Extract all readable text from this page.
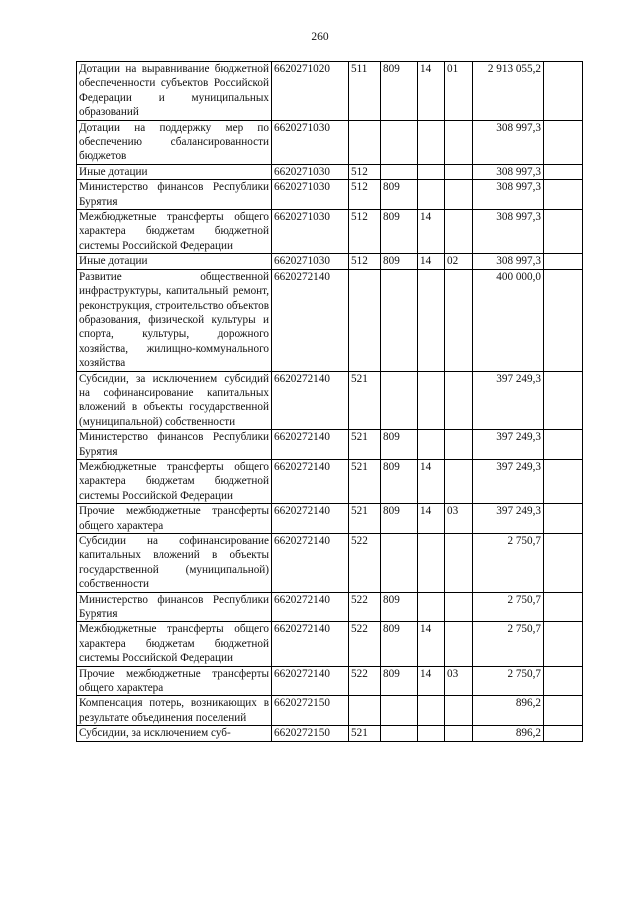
260
Дотации на выравнивание бюджетной обеспеченности субъектов Российской Федерации и муниципальных образований	6620271020	511	809	14	01	2 913 055,2	
Дотации на поддержку мер по обеспечению сбалансированности бюджетов	6620271030					308 997,3	
Иные дотации	6620271030	512				308 997,3	
Министерство финансов Республики Бурятия	6620271030	512	809			308 997,3	
Межбюджетные трансферты общего характера бюджетам бюджетной системы Российской Федерации	6620271030	512	809	14		308 997,3	
Иные дотации	6620271030	512	809	14	02	308 997,3	
Развитие общественной инфраструктуры, капитальный ремонт, реконструкция, строительство объектов образования, физической культуры и спорта, культуры, дорожного хозяйства, жилищно-коммунального хозяйства	6620272140					400 000,0	
Субсидии, за исключением субсидий на софинансирование капитальных вложений в объекты государственной (муниципальной) собственности	6620272140	521				397 249,3	
Министерство финансов Республики Бурятия	6620272140	521	809			397 249,3	
Межбюджетные трансферты общего характера бюджетам бюджетной системы Российской Федерации	6620272140	521	809	14		397 249,3	
Прочие межбюджетные трансферты общего характера	6620272140	521	809	14	03	397 249,3	
Субсидии на софинансирование капитальных вложений в объекты государственной (муниципальной) собственности	6620272140	522				2 750,7	
Министерство финансов Республики Бурятия	6620272140	522	809			2 750,7	
Межбюджетные трансферты общего характера бюджетам бюджетной системы Российской Федерации	6620272140	522	809	14		2 750,7	
Прочие межбюджетные трансферты общего характера	6620272140	522	809	14	03	2 750,7	
Компенсация потерь, возникающих в результате объединения поселений	6620272150					896,2	
Субсидии, за исключением суб-	6620272150	521				896,2	
